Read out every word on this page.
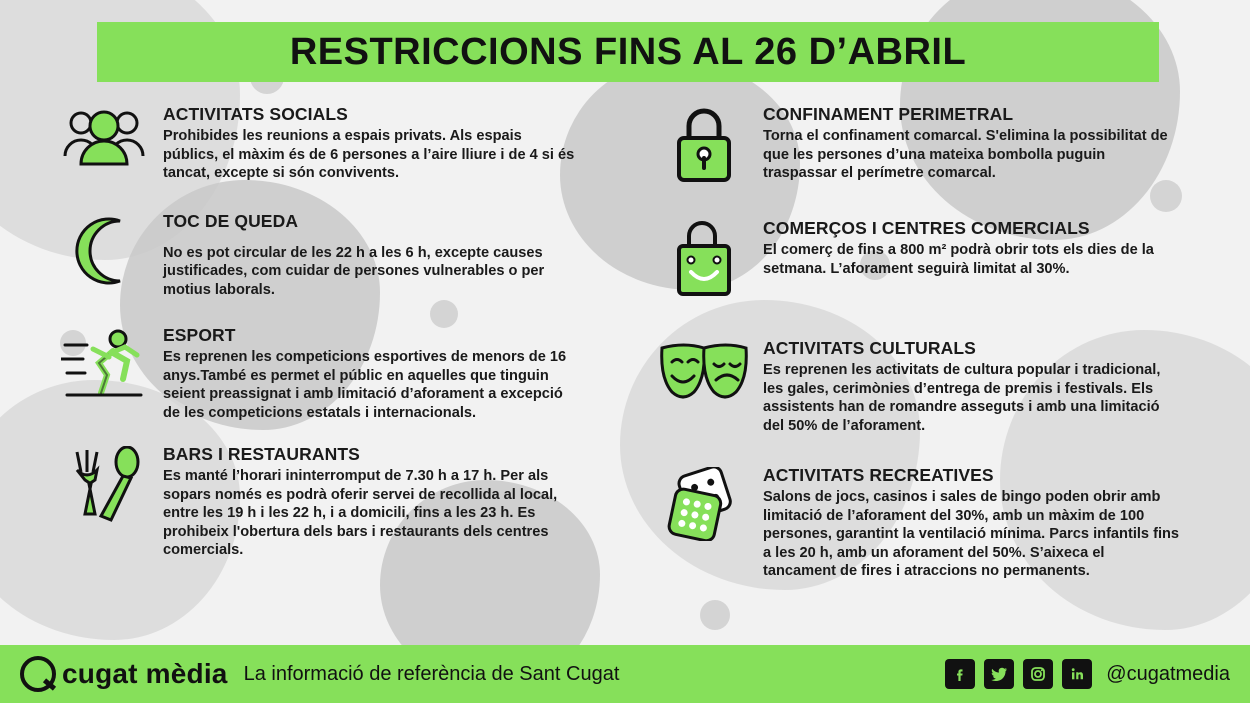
RESTRICCIONS FINS AL 26 D’ABRIL
ACTIVITATS SOCIALS

Prohibides les reunions a espais privats. Als espais públics, el màxim és de 6 persones a l’aire lliure i de 4 si és tancat, excepte si són convivents.

TOC DE QUEDA

No es pot circular de les 22 h a les 6 h, excepte causes justificades, com cuidar de persones vulnerables o per motius laborals.

ESPORT

Es reprenen les competicions esportives de menors de 16 anys.També es permet el públic en aquelles que tinguin seient preassignat i amb limitació d’aforament a excepció de les competicions estatals i internacionals.

BARS I RESTAURANTS

Es manté l’horari ininterromput de 7.30 h a 17 h. Per als sopars només es podrà oferir servei de recollida al local, entre les 19 h i les 22 h, i a domicili, fins a les 23 h. Es prohibeix l'obertura dels bars i restaurants dels centres comercials.

CONFINAMENT PERIMETRAL

Torna el confinament comarcal. S'elimina la possibilitat de que les persones d’una mateixa bombolla puguin traspassar el perímetre comarcal.

COMERÇOS I CENTRES COMERCIALS

El comerç de fins a 800 m² podrà obrir tots els dies de la setmana. L’aforament seguirà limitat al 30%.

ACTIVITATS CULTURALS

Es reprenen les activitats de cultura popular i tradicional, les gales, cerimònies d’entrega de premis i festivals. Els assistents han de romandre asseguts i amb una limitació del 50% de l’aforament.

ACTIVITATS RECREATIVES

Salons de jocs, casinos i sales de bingo poden obrir amb limitació de l’aforament del 30%, amb un màxim de 100 persones, garantint la ventilació mínima. Parcs infantils fins a les 20 h, amb un aforament del 50%. S’aixeca el tancament de fires i atraccions no permanents.

cugat mèdia La informació de referència de Sant Cugat	@cugatmedia
